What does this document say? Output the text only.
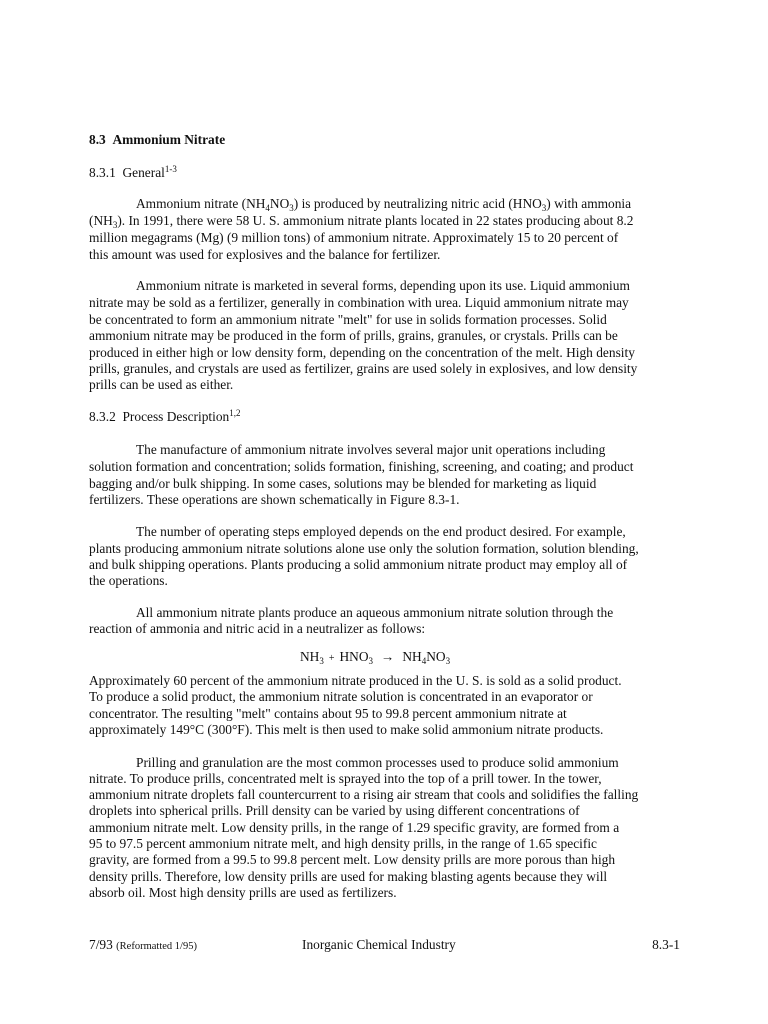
8.3 Ammonium Nitrate
8.3.1 General$^{1-3}$
Ammonium nitrate $(NH_4NO_3)$ is produced by neutralizing nitric acid $(HNO_3)$ with ammonia
$(NH_3)$. In 1991, there were 58 U. S. ammonium nitrate plants located in 22 states producing about 8.2
million megagrams (Mg) (9 million tons) of ammonium nitrate. Approximately 15 to 20 percent of
this amount was used for explosives and the balance for fertilizer.
Ammonium nitrate is marketed in several forms, depending upon its use. Liquid ammonium
nitrate may be sold as a fertilizer, generally in combination with urea. Liquid ammonium nitrate may
be concentrated to form an ammonium nitrate "melt" for use in solids formation processes. Solid
ammonium nitrate may be produced in the form of prills, grains, granules, or crystals. Prills can be
produced in either high or low density form, depending on the concentration of the melt. High density
prills, granules, and crystals are used as fertilizer, grains are used solely in explosives, and low density
prills can be used as either.
8.3.2 Process Description$^{1,2}$
The manufacture of ammonium nitrate involves several major unit operations including
solution formation and concentration; solids formation, finishing, screening, and coating; and product
bagging and/or bulk shipping. In some cases, solutions may be blended for marketing as liquid
fertilizers. These operations are shown schematically in Figure 8.3-1.
The number of operating steps employed depends on the end product desired. For example,
plants producing ammonium nitrate solutions alone use only the solution formation, solution blending,
and bulk shipping operations. Plants producing a solid ammonium nitrate product may employ all of
the operations.
All ammonium nitrate plants produce an aqueous ammonium nitrate solution through the
reaction of ammonia and nitric acid in a neutralizer as follows:
$NH_3 + HNO_3 \to NH_4NO_3$
Approximately 60 percent of the ammonium nitrate produced in the U. S. is sold as a solid product.
To produce a solid product, the ammonium nitrate solution is concentrated in an evaporator or
concentrator. The resulting "melt" contains about 95 to 99.8 percent ammonium nitrate at
approximately 149°C (300°F). This melt is then used to make solid ammonium nitrate products.
Prilling and granulation are the most common processes used to produce solid ammonium
nitrate. To produce prills, concentrated melt is sprayed into the top of a prill tower. In the tower,
ammonium nitrate droplets fall countercurrent to a rising air stream that cools and solidifies the falling
droplets into spherical prills. Prill density can be varied by using different concentrations of
ammonium nitrate melt. Low density prills, in the range of 1.29 specific gravity, are formed from a
95 to 97.5 percent ammonium nitrate melt, and high density prills, in the range of 1.65 specific
gravity, are formed from a 99.5 to 99.8 percent melt. Low density prills are more porous than high
density prills. Therefore, low density prills are used for making blasting agents because they will
absorb oil. Most high density prills are used as fertilizers.
7/93 (Reformatted 1/95)	Inorganic Chemical Industry	8.3-1
